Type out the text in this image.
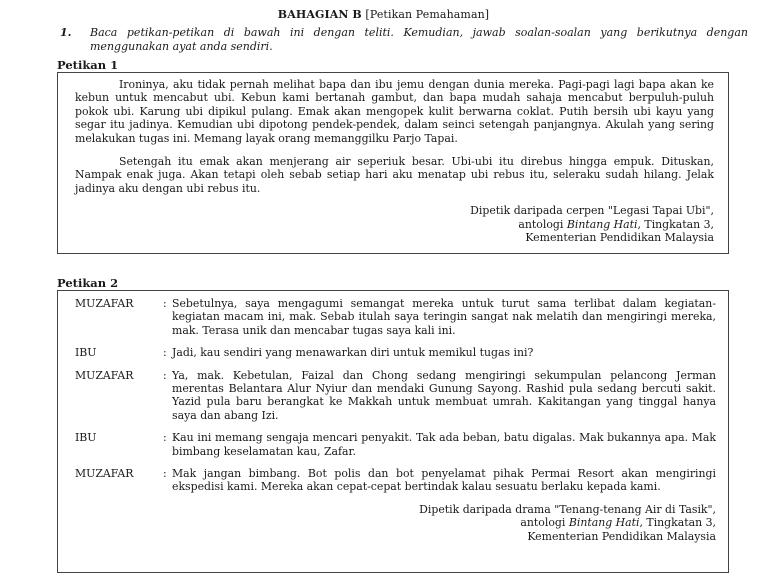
BAHAGIAN B [Petikan Pemahaman]
1. Baca petikan-petikan di bawah ini dengan teliti. Kemudian, jawab soalan-soalan yang berikutnya dengan menggunakan ayat anda sendiri.
Petikan 1

Ironinya, aku tidak pernah melihat bapa dan ibu jemu dengan dunia mereka. Pagi-pagi lagi bapa akan ke kebun untuk mencabut ubi. Kebun kami bertanah gambut, dan bapa mudah sahaja mencabut berpuluh-puluh pokok ubi. Karung ubi dipikul pulang. Emak akan mengopek kulit berwarna coklat. Putih bersih ubi kayu yang segar itu jadinya. Kemudian ubi dipotong pendek-pendek, dalam seinci setengah panjangnya. Akulah yang sering melakukan tugas ini. Memang layak orang memanggilku Parjo Tapai.

Setengah itu emak akan menjerang air seperiuk besar. Ubi-ubi itu direbus hingga empuk. Dituskan, Nampak enak juga. Akan tetapi oleh sebab setiap hari aku menatap ubi rebus itu, seleraku sudah hilang. Jelak jadinya aku dengan ubi rebus itu.

Dipetik daripada cerpen "Legasi Tapai Ubi",
antologi Bintang Hati, Tingkatan 3,
Kementerian Pendidikan Malaysia
Petikan 2
MUZAFAR	: Sebetulnya, saya mengagumi semangat mereka untuk turut sama terlibat dalam kegiatan-kegiatan macam ini, mak. Sebab itulah saya teringin sangat nak melatih dan mengiringi mereka, mak. Terasa unik dan mencabar tugas saya kali ini.
IBU	: Jadi, kau sendiri yang menawarkan diri untuk memikul tugas ini?
MUZAFAR	: Ya, mak. Kebetulan, Faizal dan Chong sedang mengiringi sekumpulan pelancong Jerman merentas Belantara Alur Nyiur dan mendaki Gunung Sayong. Rashid pula sedang bercuti sakit. Yazid pula baru berangkat ke Makkah untuk membuat umrah. Kakitangan yang tinggal hanya saya dan abang Izi.
IBU	: Kau ini memang sengaja mencari penyakit. Tak ada beban, batu digalas. Mak bukannya apa. Mak bimbang keselamatan kau, Zafar.
MUZAFAR	: Mak jangan bimbang. Bot polis dan bot penyelamat pihak Permai Resort akan mengiringi ekspedisi kami. Mereka akan cepat-cepat bertindak kalau sesuatu berlaku kepada kami.
Dipetik daripada drama "Tenang-tenang Air di Tasik",
antologi Bintang Hati, Tingkatan 3,
Kementerian Pendidikan Malaysia
